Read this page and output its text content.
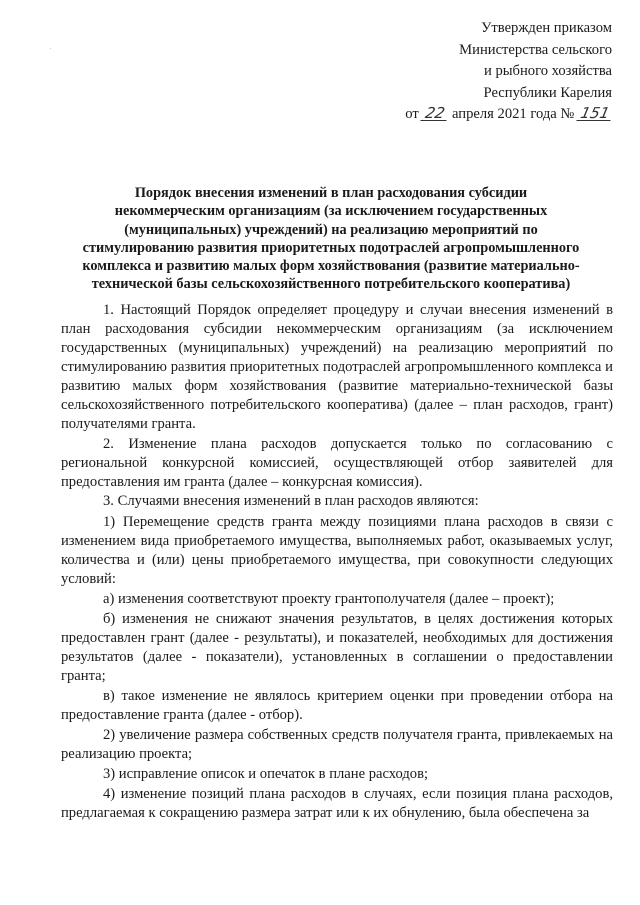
Утвержден приказом
Министерства сельского
и рыбного хозяйства
Республики Карелия
от 22 апреля 2021 года № 151
Порядок внесения изменений в план расходования субсидии
некоммерческим организациям (за исключением государственных
(муниципальных) учреждений) на реализацию мероприятий по
стимулированию развития приоритетных подотраслей агропромышленного
комплекса и развитию малых форм хозяйствования (развитие материально-
технической базы сельскохозяйственного потребительского кооператива)

1. Настоящий Порядок определяет процедуру и случаи внесения изменений в план расходования субсидии некоммерческим организациям (за исключением государственных (муниципальных) учреждений) на реализацию мероприятий по стимулированию развития приоритетных подотраслей агропромышленного комплекса и развитию малых форм хозяйствования (развитие материально-технической базы сельскохозяйственного потребительского кооператива) (далее – план расходов, грант) получателями гранта.

2. Изменение плана расходов допускается только по согласованию с региональной конкурсной комиссией, осуществляющей отбор заявителей для предоставления им гранта (далее – конкурсная комиссия).

3. Случаями внесения изменений в план расходов являются:

1) Перемещение средств гранта между позициями плана расходов в связи с изменением вида приобретаемого имущества, выполняемых работ, оказываемых услуг, количества и (или) цены приобретаемого имущества, при совокупности следующих условий:

а) изменения соответствуют проекту грантополучателя (далее – проект);

б) изменения не снижают значения результатов, в целях достижения которых предоставлен грант (далее - результаты), и показателей, необходимых для достижения результатов (далее - показатели), установленных в соглашении о предоставлении гранта;

в) такое изменение не являлось критерием оценки при проведении отбора на предоставление гранта (далее - отбор).

2) увеличение размера собственных средств получателя гранта, привлекаемых на реализацию проекта;

3) исправление описок и опечаток в плане расходов;

4) изменение позиций плана расходов в случаях, если позиция плана расходов, предлагаемая к сокращению размера затрат или к их обнулению, была обеспечена за
